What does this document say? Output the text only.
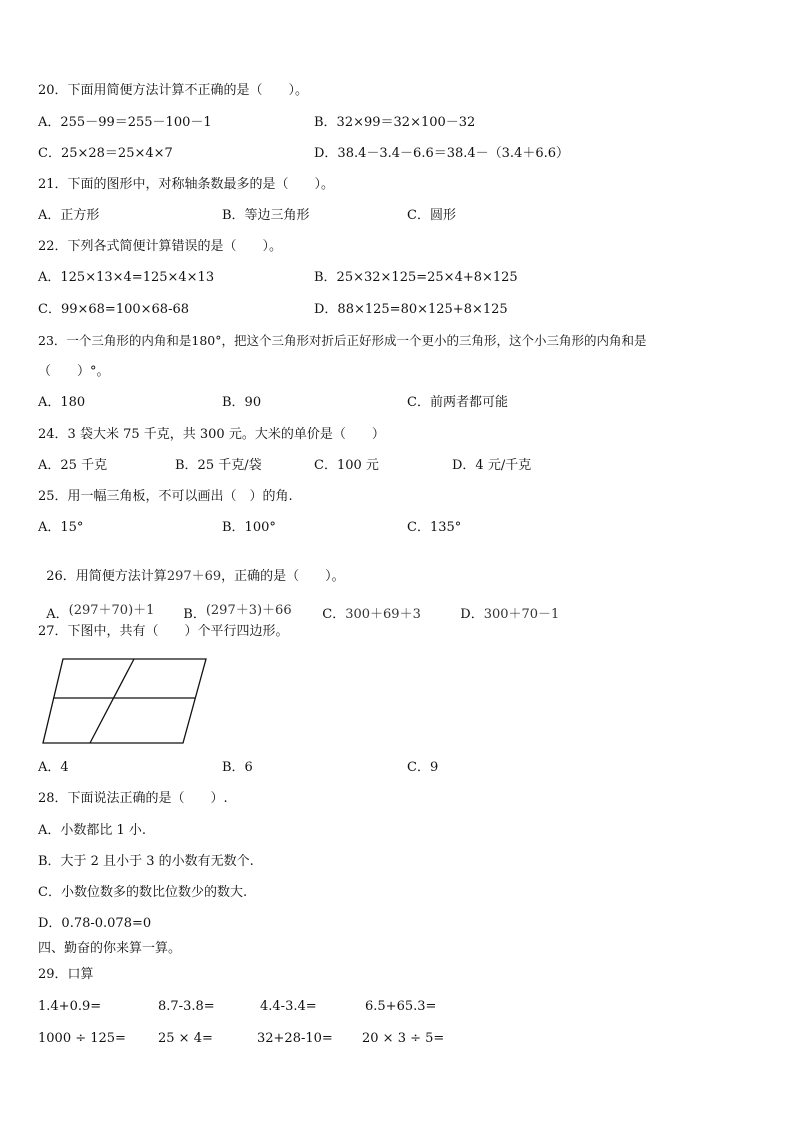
20．下面用简便方法计算不正确的是（　　）。
A．255－99＝255－100－1	B．32×99＝32×100－32
C．25×28＝25×4×7	D．38.4－3.4－6.6＝38.4－（3.4＋6.6）
21．下面的图形中，对称轴条数最多的是（　　）。
A．正方形	B．等边三角形	C．圆形
22．下列各式简便计算错误的是（　　）。
A．125×13×4=125×4×13	B．25×32×125=25×4+8×125
C．99×68=100×68-68	D．88×125=80×125+8×125
23．一个三角形的内角和是180°，把这个三角形对折后正好形成一个更小的三角形，这个小三角形的内角和是
（　　）°。
A．180	B．90	C．前两者都可能
24．3 袋大米 75 千克，共 300 元。大米的单价是（　　）
A．25 千克	B．25 千克/袋	C．100 元	D．4 元/千克
25．用一幅三角板，不可以画出（　）的角.
A．15°	B．100°	C．135°

26．用简便方法计算297＋69，正确的是（　　）。

A．(297＋70)＋1	B．(297＋3)＋66	C．300＋69＋3	D．300＋70－1

27．下图中，共有（　　）个平行四边形。
A．4	B．6	C．9
28．下面说法正确的是（　　）.
A．小数都比 1 小.
B．大于 2 且小于 3 的小数有无数个.
C．小数位数多的数比位数少的数大.
D．0.78-0.078=0
四、勤奋的你来算一算。
29．口算
1.4+0.9=	8.7-3.8=	4.4-3.4=	6.5+65.3=
1000 ÷ 125= 25 × 4=	32+28-10= 20 × 3 ÷ 5=
